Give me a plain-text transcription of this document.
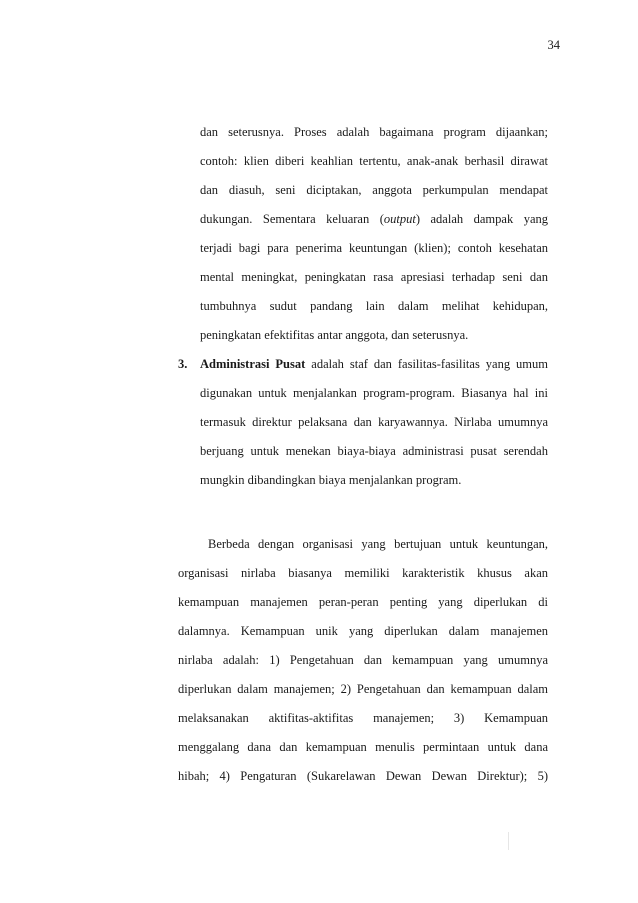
34
dan seterusnya. Proses adalah bagaimana program dijaankan;
contoh: klien diberi keahlian tertentu, anak-anak berhasil dirawat
dan diasuh, seni diciptakan, anggota perkumpulan mendapat
dukungan. Sementara keluaran (output) adalah dampak yang
terjadi bagi para penerima keuntungan (klien); contoh kesehatan
mental meningkat, peningkatan rasa apresiasi terhadap seni dan
tumbuhnya sudut pandang lain dalam melihat kehidupan,
peningkatan efektifitas antar anggota, dan seterusnya.
3. Administrasi Pusat adalah staf dan fasilitas-fasilitas yang umum
digunakan untuk menjalankan program-program. Biasanya hal ini
termasuk direktur pelaksana dan karyawannya. Nirlaba umumnya
berjuang untuk menekan biaya-biaya administrasi pusat serendah
mungkin dibandingkan biaya menjalankan program.
Berbeda dengan organisasi yang bertujuan untuk keuntungan,
organisasi nirlaba biasanya memiliki karakteristik khusus akan
kemampuan manajemen peran-peran penting yang diperlukan di
dalamnya. Kemampuan unik yang diperlukan dalam manajemen
nirlaba adalah: 1) Pengetahuan dan kemampuan yang umumnya
diperlukan dalam manajemen; 2) Pengetahuan dan kemampuan dalam
melaksanakan aktifitas-aktifitas manajemen; 3) Kemampuan
menggalang dana dan kemampuan menulis permintaan untuk dana
hibah; 4) Pengaturan (Sukarelawan Dewan Dewan Direktur); 5)
